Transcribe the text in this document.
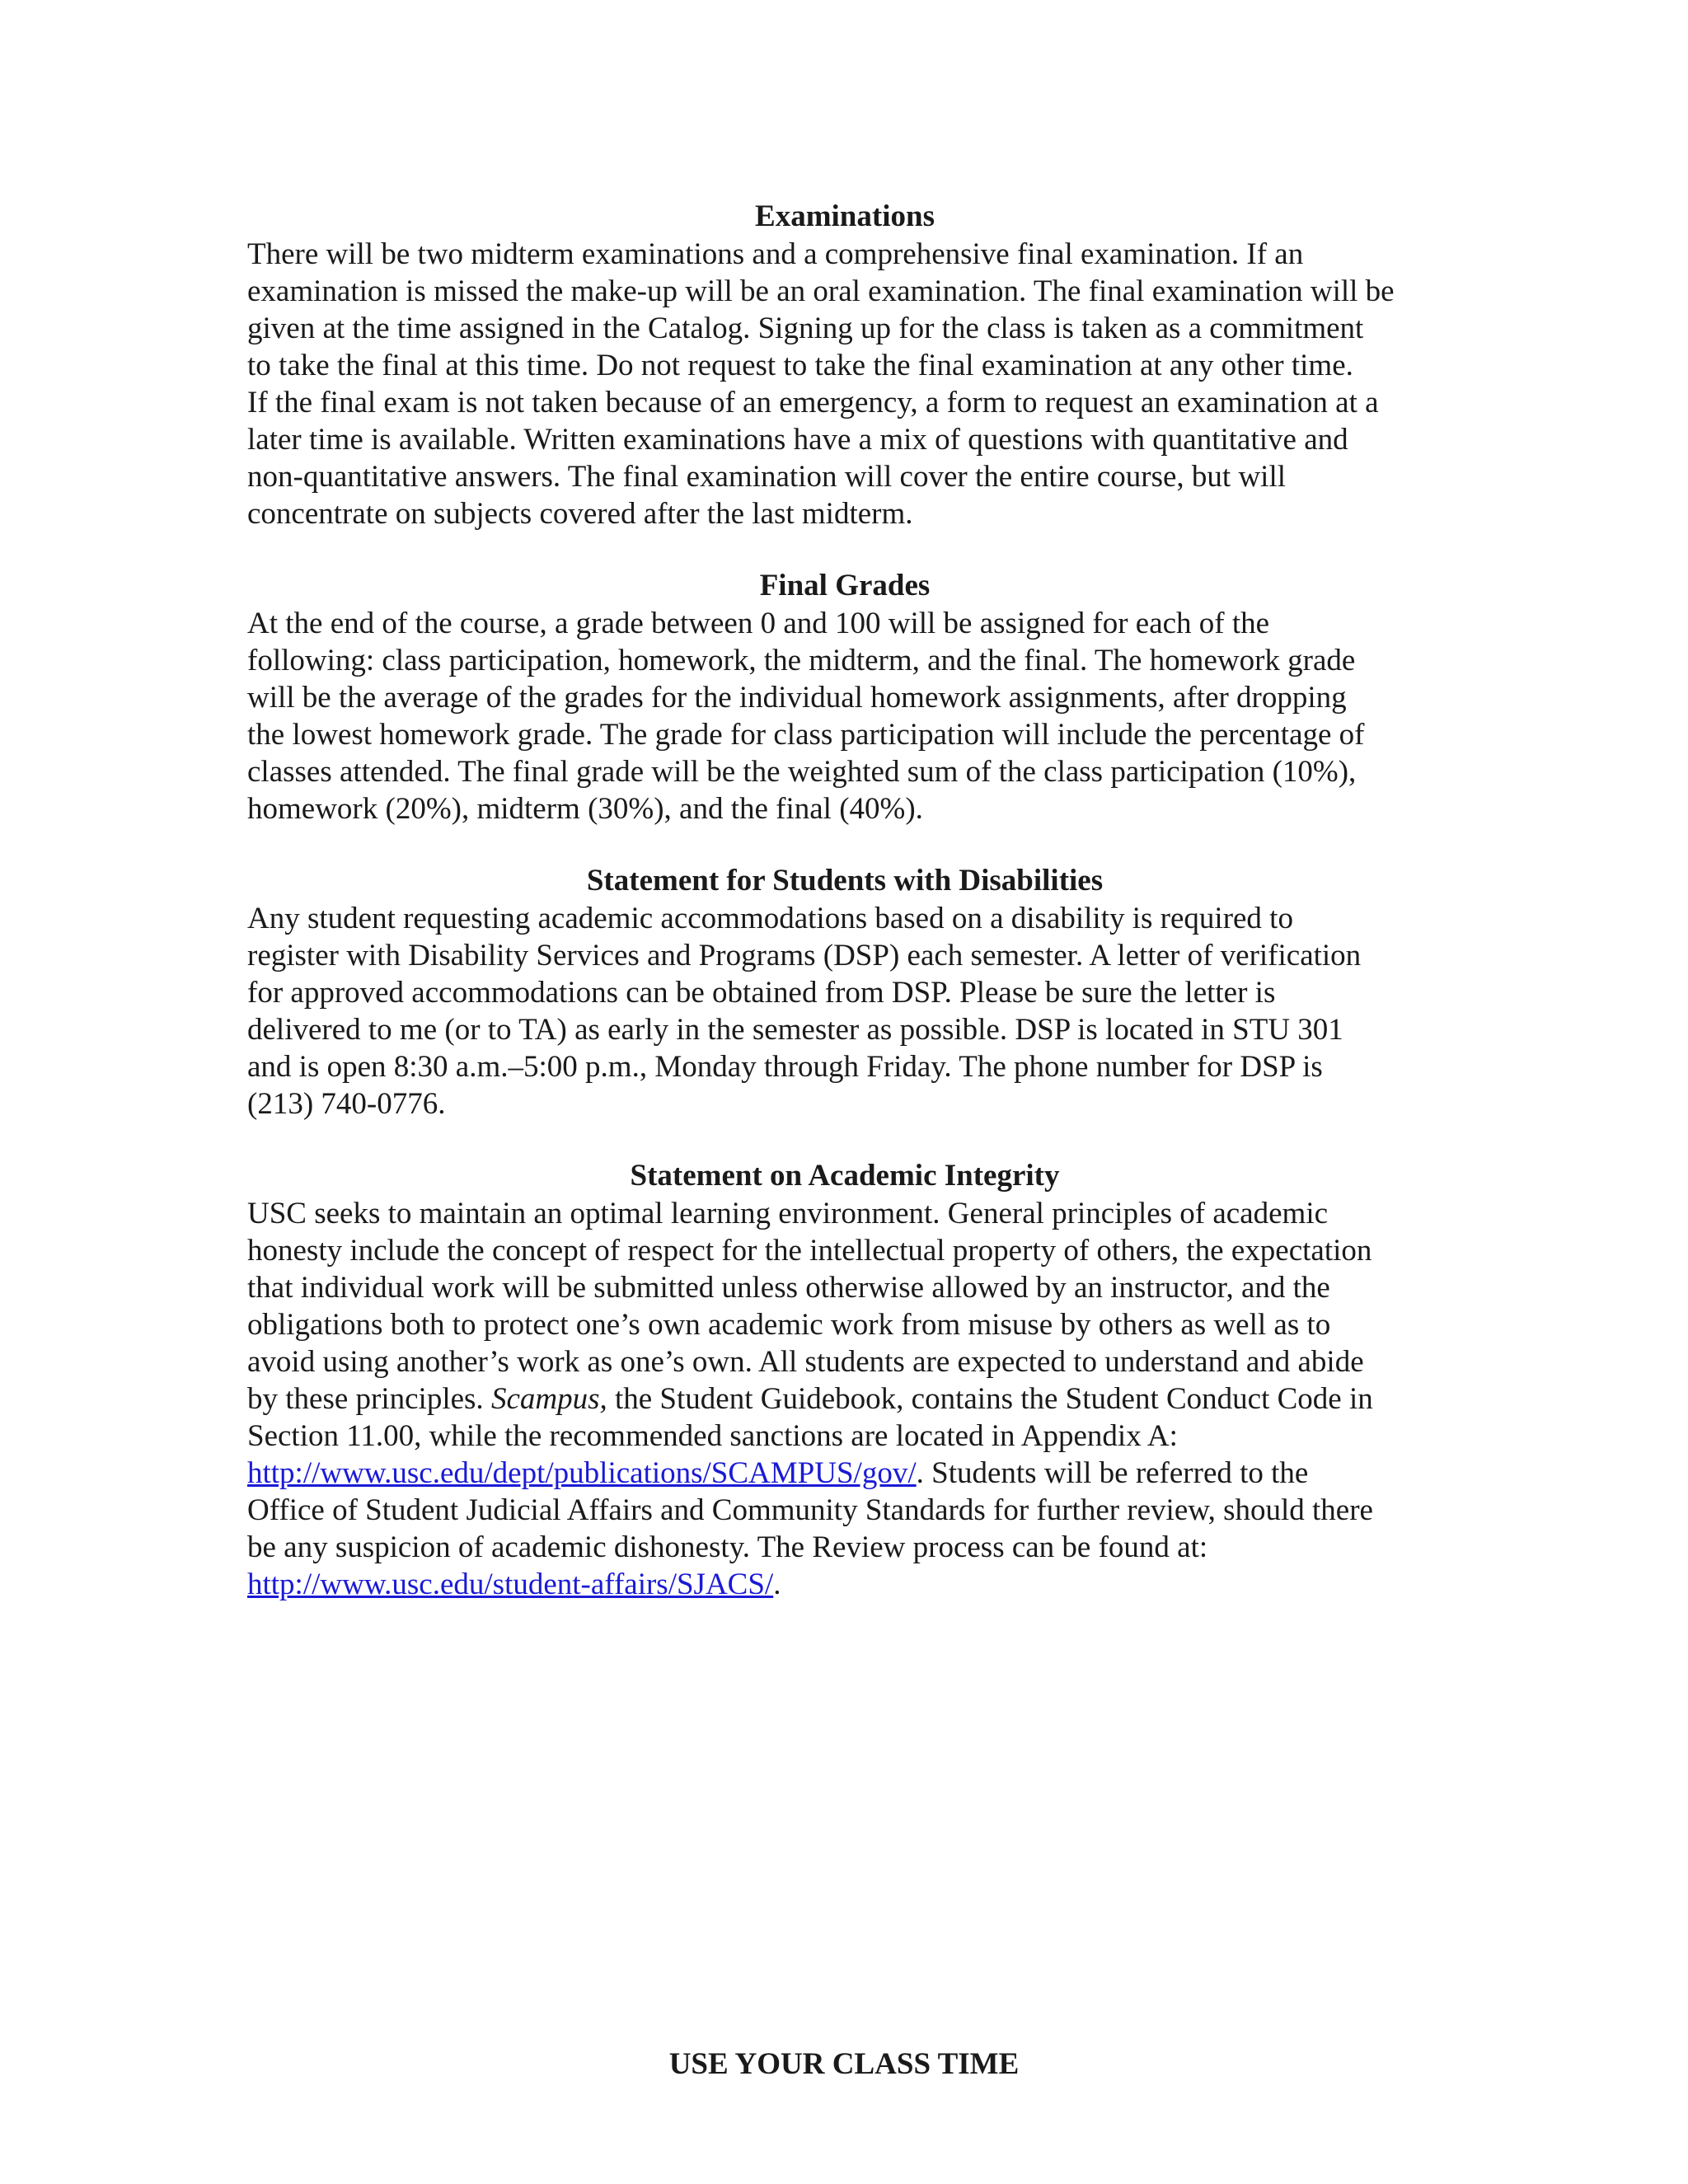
Examinations

There will be two midterm examinations and a comprehensive final examination. If an
examination is missed the make-up will be an oral examination. The final examination will be
given at the time assigned in the Catalog. Signing up for the class is taken as a commitment
to take the final at this time. Do not request to take the final examination at any other time.
If the final exam is not taken because of an emergency, a form to request an examination at a
later time is available. Written examinations have a mix of questions with quantitative and
non-quantitative answers. The final examination will cover the entire course, but will
concentrate on subjects covered after the last midterm.

Final Grades

At the end of the course, a grade between 0 and 100 will be assigned for each of the
following: class participation, homework, the midterm, and the final. The homework grade
will be the average of the grades for the individual homework assignments, after dropping
the lowest homework grade. The grade for class participation will include the percentage of
classes attended. The final grade will be the weighted sum of the class participation (10%),
homework (20%), midterm (30%), and the final (40%).

Statement for Students with Disabilities

Any student requesting academic accommodations based on a disability is required to
register with Disability Services and Programs (DSP) each semester. A letter of verification
for approved accommodations can be obtained from DSP. Please be sure the letter is
delivered to me (or to TA) as early in the semester as possible. DSP is located in STU 301
and is open 8:30 a.m.–5:00 p.m., Monday through Friday. The phone number for DSP is
(213) 740-0776.

Statement on Academic Integrity

USC seeks to maintain an optimal learning environment. General principles of academic
honesty include the concept of respect for the intellectual property of others, the expectation
that individual work will be submitted unless otherwise allowed by an instructor, and the
obligations both to protect one’s own academic work from misuse by others as well as to
avoid using another’s work as one’s own. All students are expected to understand and abide
by these principles. Scampus, the Student Guidebook, contains the Student Conduct Code in
Section 11.00, while the recommended sanctions are located in Appendix A:
http://www.usc.edu/dept/publications/SCAMPUS/gov/. Students will be referred to the
Office of Student Judicial Affairs and Community Standards for further review, should there
be any suspicion of academic dishonesty. The Review process can be found at:
http://www.usc.edu/student-affairs/SJACS/.

USE YOUR CLASS TIME
